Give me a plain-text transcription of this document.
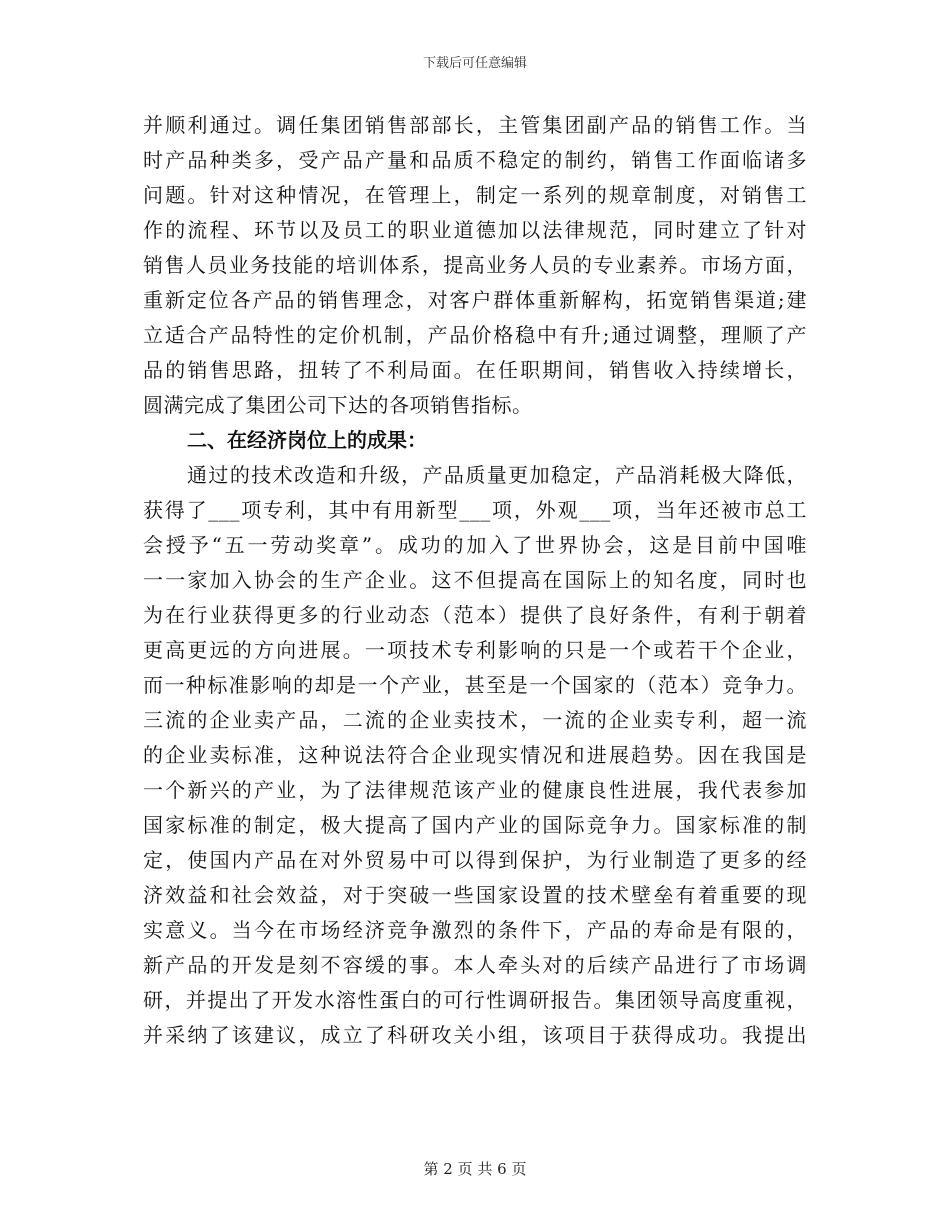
下载后可任意编辑
并顺利通过。调任集团销售部部长，主管集团副产品的销售工作。当
时产品种类多，受产品产量和品质不稳定的制约，销售工作面临诸多
问题。针对这种情况，在管理上，制定一系列的规章制度，对销售工
作的流程、环节以及员工的职业道德加以法律规范，同时建立了针对
销售人员业务技能的培训体系，提高业务人员的专业素养。市场方面，
重新定位各产品的销售理念，对客户群体重新解构，拓宽销售渠道;建
立适合产品特性的定价机制，产品价格稳中有升;通过调整，理顺了产
品的销售思路，扭转了不利局面。在任职期间，销售收入持续增长，
圆满完成了集团公司下达的各项销售指标。
二、在经济岗位上的成果：
通过的技术改造和升级，产品质量更加稳定，产品消耗极大降低，
获得了___项专利，其中有用新型___项，外观___项，当年还被市总工
会授予“五一劳动奖章”。成功的加入了世界协会，这是目前中国唯
一一家加入协会的生产企业。这不但提高在国际上的知名度，同时也
为在行业获得更多的行业动态（范本）提供了良好条件，有利于朝着
更高更远的方向进展。一项技术专利影响的只是一个或若干个企业，
而一种标准影响的却是一个产业，甚至是一个国家的（范本）竞争力。
三流的企业卖产品，二流的企业卖技术，一流的企业卖专利，超一流
的企业卖标准，这种说法符合企业现实情况和进展趋势。因在我国是
一个新兴的产业，为了法律规范该产业的健康良性进展，我代表参加
国家标准的制定，极大提高了国内产业的国际竞争力。国家标准的制
定，使国内产品在对外贸易中可以得到保护，为行业制造了更多的经
济效益和社会效益，对于突破一些国家设置的技术壁垒有着重要的现
实意义。当今在市场经济竞争激烈的条件下，产品的寿命是有限的，
新产品的开发是刻不容缓的事。本人牵头对的后续产品进行了市场调
研，并提出了开发水溶性蛋白的可行性调研报告。集团领导高度重视，
并采纳了该建议，成立了科研攻关小组，该项目于获得成功。我提出
第 2 页 共 6 页
